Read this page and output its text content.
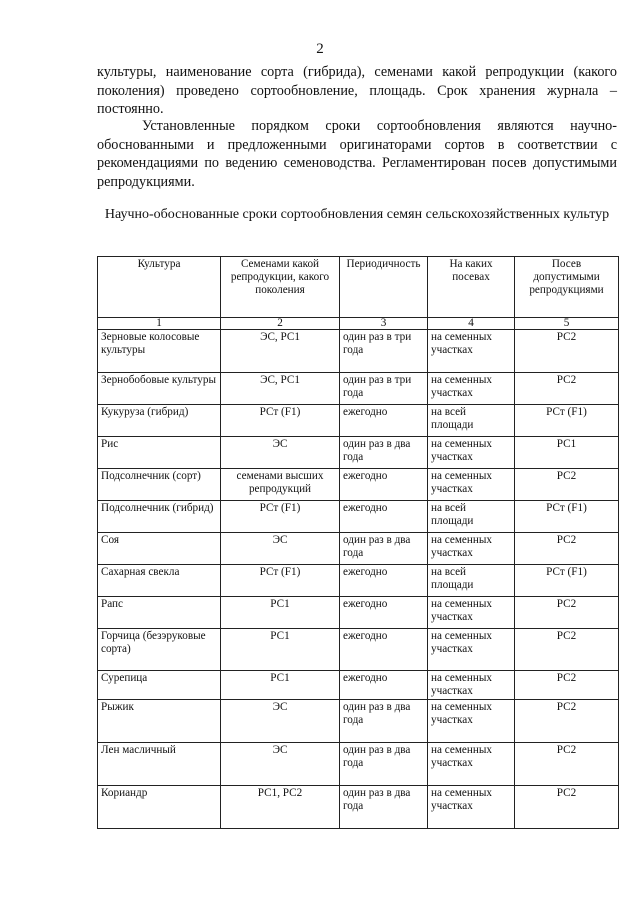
2
культуры, наименование сорта (гибрида), семенами какой репродукции (какого поколения) проведено сортообновление, площадь. Срок хранения журнала – постоянно.
Установленные порядком сроки сортообновления являются научно-обоснованными и предложенными оригинаторами сортов в соответствии с рекомендациями по ведению семеноводства. Регламентирован посев допустимыми репродукциями.
Научно-обоснованные сроки сортообновления семян сельскохозяйственных культур
Культура	Семенами какой репродукции, какого поколения	Периодичность	На каких посевах	Посев допустимыми репродукциями
1	2	3	4	5
Зерновые колосовые культуры	ЭС, РС1	один раз в три года	на семенных участках	РС2
Зернобобовые культуры	ЭС, РС1	один раз в три года	на семенных участках	РС2
Кукуруза (гибрид)	РСт (F1)	ежегодно	на всей площади	РСт (F1)
Рис	ЭС	один раз в два года	на семенных участках	РС1
Подсолнечник (сорт)	семенами высших репродукций	ежегодно	на семенных участках	РС2
Подсолнечник (гибрид)	РСт (F1)	ежегодно	на всей площади	РСт (F1)
Соя	ЭС	один раз в два года	на семенных участках	РС2
Сахарная свекла	РСт (F1)	ежегодно	на всей площади	РСт (F1)
Рапс	РС1	ежегодно	на семенных участках	РС2
Горчица (безэруковые сорта)	РС1	ежегодно	на семенных участках	РС2
Сурепица	РС1	ежегодно	на семенных участках	РС2
Рыжик	ЭС	один раз в два года	на семенных участках	РС2
Лен масличный	ЭС	один раз в два года	на семенных участках	РС2
Кориандр	РС1, РС2	один раз в два года	на семенных участках	РС2
